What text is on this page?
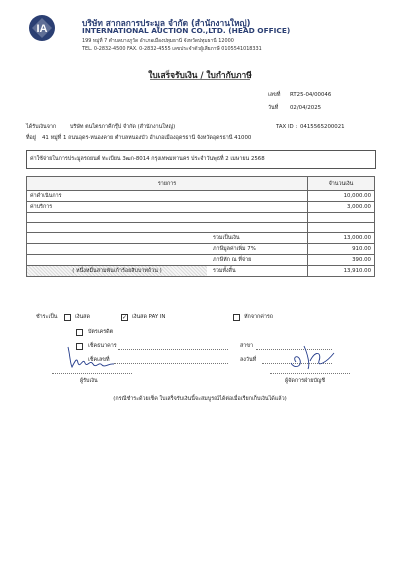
IA	บริษัท สากลการประมูล จำกัด (สำนักงานใหญ่)
INTERNATIONAL AUCTION CO.,LTD. (HEAD OFFICE)
199 หมู่ที่ 7 ตำบลบางภูวัด อำเภอเมืองปทุมธานี จังหวัดปทุมธานี 12000
TEL. 0-2832-4500 FAX. 0-2832-4555 เลขประจำตัวผู้เสียภาษี 0105541018331
ใบเสร็จรับเงิน / ใบกำกับภาษี
เลขที่ RT25-04/00046
วันที่ 02/04/2025
ได้รับเงินจาก	บริษัท ตนไตรภาคีกรุ๊ป จำกัด (สำนักงานใหญ่)	TAX ID : 0415565200021
ที่อยู่ 41 หมู่ที่ 1 ถนนอุดร-หนองคาย ตำบลหนองบัว อำเภอเมืองอุดรธานี จังหวัดอุดรธานี 41000
ค่าใช้จ่ายในการประมูลรถยนต์ ทะเบียน 3ฒก-8014 กรุงเทพมหานคร ประจำวันพุธที่ 2 เมษายน 2568
รายการ	จำนวนเงิน
ค่าดำเนินการ	10,000.00
ค่าบริการ	3,000.00

รวมเป็นเงิน	13,000.00
ภาษีมูลค่าเพิ่ม 7%	910.00
ภาษีหัก ณ ที่จ่าย	390.00

( หนึ่งหมื่นสามพันเก้าร้อยสิบบาทถ้วน ) รวมทั้งสิ้น	13,910.00
ชำระเป็น	เงินสด	✓ เงินสด PAY IN	หักจากค่ารถ
บัตรเครดิต
เช็คธนาคาร	สาขา
เช็คเลขที่	ลงวันที่
ผู้รับเงิน	ผู้จัดการฝ่ายบัญชี
(กรณีชำระด้วยเช็ค ใบเสร็จรับเงินนี้จะสมบูรณ์ได้ต่อเมื่อเรียกเก็บเงินได้แล้ว)
